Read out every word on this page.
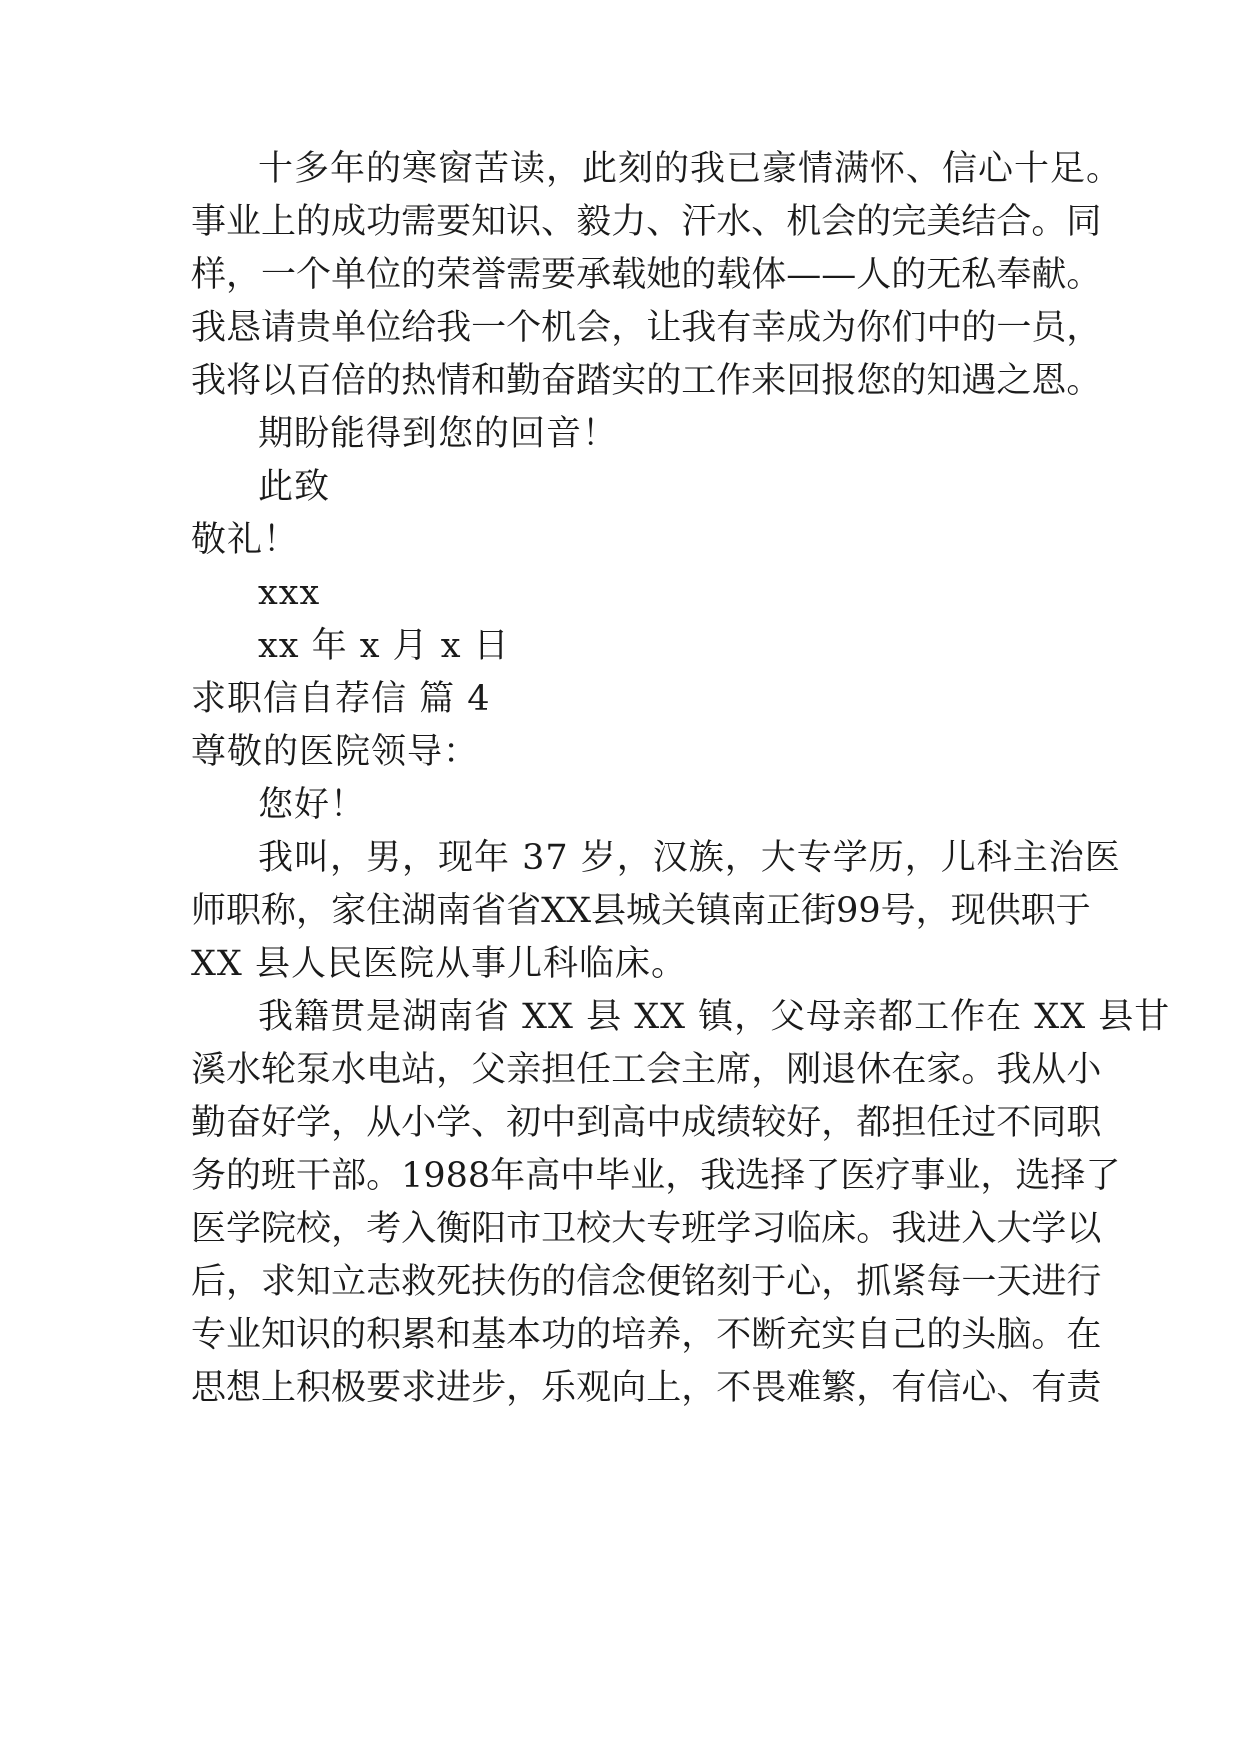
十多年的寒窗苦读，此刻的我已豪情满怀、信心十足。
事 业 上 的 成 功 需 要 知 识 、 毅 力 、 汗 水 、 机 会 的 完 美 结 合 。 同
样 ， 一 个 单 位 的 荣 誉 需 要 承 载 她 的 载 体 — — 人 的 无 私 奉 献 。
我 恳 请 贵 单 位 给 我 一 个 机 会 ， 让 我 有 幸 成 为 你 们 中 的 一 员 ，
我 将 以 百 倍 的 热 情 和 勤 奋 踏 实 的 工 作 来 回 报 您 的 知 遇 之 恩 。
期盼能得到您的回音！
此致
敬礼！
xxx
xx 年 x 月 x 日
求职信自荐信 篇 4
尊敬的医院领导：
您好！
我叫，男，现年 37 岁，汉族，大专学历，儿科主治医
师 职 称 ， 家 住 湖 南 省 省 XX 县 城 关 镇 南 正 街 99 号 ， 现 供 职 于
XX 县人民医院从事儿科临床。
我籍贯是湖南省 XX 县 XX 镇，父母亲都工作在 XX 县甘
溪 水 轮 泵 水 电 站 ， 父 亲 担 任 工 会 主 席 ， 刚 退 休 在 家 。 我 从 小
勤 奋 好 学 ， 从 小 学 、 初 中 到 高 中 成 绩 较 好 ， 都 担 任 过 不 同 职
务 的 班 干 部 。 1988 年 高 中 毕 业 ， 我 选 择 了 医 疗 事 业 ， 选 择 了
医 学 院 校 ， 考 入 衡 阳 市 卫 校 大 专 班 学 习 临 床 。 我 进 入 大 学 以
后 ， 求 知 立 志 救 死 扶 伤 的 信 念 便 铭 刻 于 心 ， 抓 紧 每 一 天 进 行
专 业 知 识 的 积 累 和 基 本 功 的 培 养 ， 不 断 充 实 自 己 的 头 脑 。 在
思 想 上 积 极 要 求 进 步 ， 乐 观 向 上 ， 不 畏 难 繁 ， 有 信 心 、 有 责
